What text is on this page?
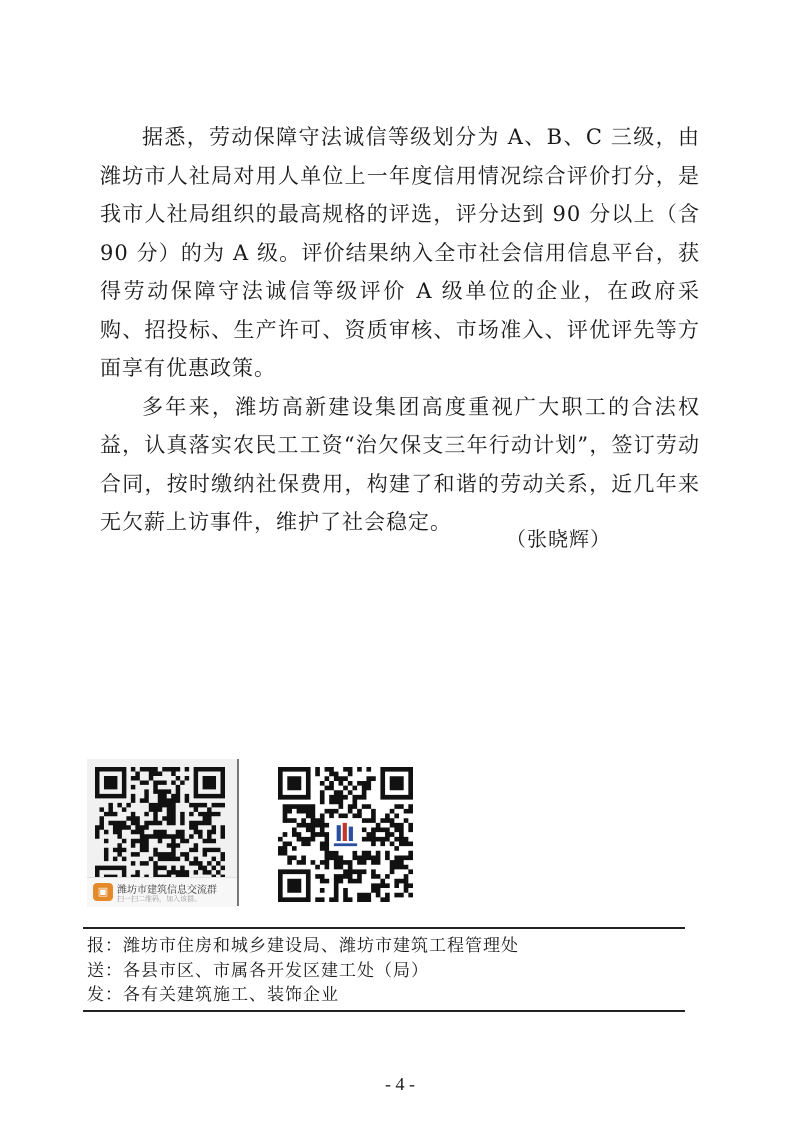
据悉，劳动保障守法诚信等级划分为 A、B、C 三级，由潍坊市人社局对用人单位上一年度信用情况综合评价打分，是我市人社局组织的最高规格的评选，评分达到 90 分以上（含 90 分）的为 A 级。评价结果纳入全市社会信用信息平台，获得劳动保障守法诚信等级评价 A 级单位的企业，在政府采购、招投标、生产许可、资质审核、市场准入、评优评先等方面享有优惠政策。

多年来，潍坊高新建设集团高度重视广大职工的合法权益，认真落实农民工工资“治欠保支三年行动计划”，签订劳动合同，按时缴纳社保费用，构建了和谐的劳动关系，近几年来无欠薪上访事件，维护了社会稳定。

（张晓辉）
▣ 潍坊市建筑信息交流群
扫一扫二维码，加入该群。
报：潍坊市住房和城乡建设局、潍坊市建筑工程管理处
送：各县市区、市属各开发区建工处（局）
发：各有关建筑施工、装饰企业
- 4 -
